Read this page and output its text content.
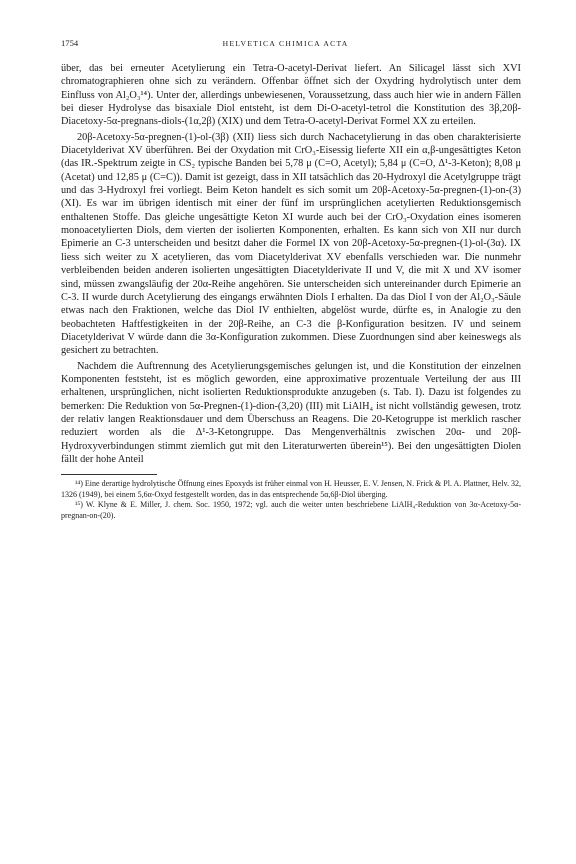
1754	HELVETICA CHIMICA ACTA

über, das bei erneuter Acetylierung ein Tetra-O-acetyl-Derivat liefert. An Silicagel lässt sich XVI chromatographieren ohne sich zu verändern. Offenbar öffnet sich der Oxydring hydrolytisch unter dem Einfluss von Al₂O₃¹⁴). Unter der, allerdings unbewiesenen, Voraussetzung, dass auch hier wie in andern Fällen bei dieser Hydrolyse das bisaxiale Diol entsteht, ist dem Di-O-acetyl-tetrol die Konstitution des 3β,20β-Diacetoxy-5α-pregnans-diols-(1α,2β) (XIX) und dem Tetra-O-acetyl-Derivat Formel XX zu erteilen.

20β-Acetoxy-5α-pregnen-(1)-ol-(3β) (XII) liess sich durch Nachacetylierung in das oben charakterisierte Diacetylderivat XV überführen. Bei der Oxydation mit CrO₃-Eisessig lieferte XII ein α,β-ungesättigtes Keton (das IR.-Spektrum zeigte in CS₂ typische Banden bei 5,78 μ (C=O, Acetyl); 5,84 μ (C=O, Δ¹-3-Keton); 8,08 μ (Acetat) und 12,85 μ (C=C)). Damit ist gezeigt, dass in XII tatsächlich das 20-Hydroxyl die Acetylgruppe trägt und das 3-Hydroxyl frei vorliegt. Beim Keton handelt es sich somit um 20β-Acetoxy-5α-pregnen-(1)-on-(3) (XI). Es war im übrigen identisch mit einer der fünf im ursprünglichen acetylierten Reduktionsgemisch enthaltenen Stoffe. Das gleiche ungesättigte Keton XI wurde auch bei der CrO₃-Oxydation eines isomeren monoacetylierten Diols, dem vierten der isolierten Komponenten, erhalten. Es kann sich von XII nur durch Epimerie an C-3 unterscheiden und besitzt daher die Formel IX von 20β-Acetoxy-5α-pregnen-(1)-ol-(3α). IX liess sich weiter zu X acetylieren, das vom Diacetylderivat XV ebenfalls verschieden war. Die nunmehr verbleibenden beiden anderen isolierten ungesättigten Diacetylderivate II und V, die mit X und XV isomer sind, müssen zwangsläufig der 20α-Reihe angehören. Sie unterscheiden sich untereinander durch Epimerie an C-3. II wurde durch Acetylierung des eingangs erwähnten Diols I erhalten. Da das Diol I von der Al₂O₃-Säule etwas nach den Fraktionen, welche das Diol IV enthielten, abgelöst wurde, dürfte es, in Analogie zu den beobachteten Haftfestigkeiten in der 20β-Reihe, an C-3 die β-Konfiguration besitzen. IV und seinem Diacetylderivat V würde dann die 3α-Konfiguration zukommen. Diese Zuordnungen sind aber keineswegs als gesichert zu betrachten.

Nachdem die Auftrennung des Acetylierungsgemisches gelungen ist, und die Konstitution der einzelnen Komponenten feststeht, ist es möglich geworden, eine approximative prozentuale Verteilung der aus III erhaltenen, ursprünglichen, nicht isolierten Reduktionsprodukte anzugeben (s. Tab. I). Dazu ist folgendes zu bemerken: Die Reduktion von 5α-Pregnen-(1)-dion-(3,20) (III) mit LiAlH₄ ist nicht vollständig gewesen, trotz der relativ langen Reaktionsdauer und dem Überschuss an Reagens. Die 20-Ketogruppe ist merklich rascher reduziert worden als die Δ¹-3-Ketongruppe. Das Mengenverhältnis zwischen 20α- und 20β-Hydroxyverbindungen stimmt ziemlich gut mit den Literaturwerten überein¹⁵). Bei den ungesättigten Diolen fällt der hohe Anteil

¹⁴) Eine derartige hydrolytische Öffnung eines Epoxyds ist früher einmal von H. Heusser, E. V. Jensen, N. Frick & Pl. A. Plattner, Helv. 32, 1326 (1949), bei einem 5,6α-Oxyd festgestellt worden, das in das entsprechende 5α,6β-Diol überging.

¹⁵) W. Klyne & E. Miller, J. chem. Soc. 1950, 1972; vgl. auch die weiter unten beschriebene LiAlH₄-Reduktion von 3α-Acetoxy-5α-pregnan-on-(20).
